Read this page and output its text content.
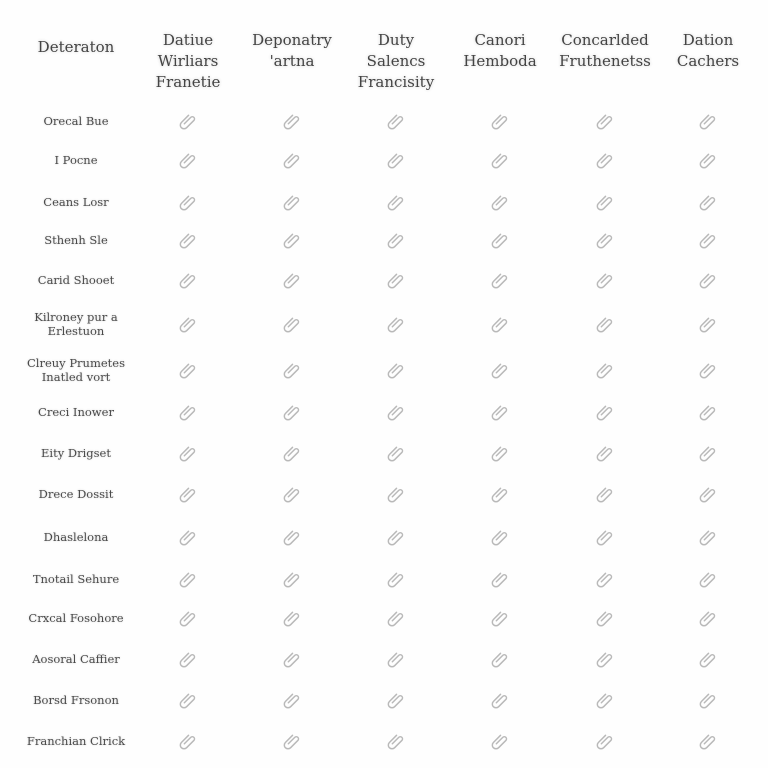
Deteraton	Datiue
Wirliars
Franetie
Deponatry
'artna
Duty
Salencs
Francisity
Canori
Hemboda
Concarlded
Fruthenetss
Dation
Cachers
Orecal Bue
I Pocne
Ceans Losr
Sthenh Sle
Carid Shooet
Kilroney pur a
Erlestuon
Clreuy Prumetes
Inatled vort
Creci Inower
Eity Drigset
Drece Dossit
Dhaslelona
Tnotail Sehure
Crxcal Fosohore
Aosoral Caffier
Borsd Frsonon
Franchian Clrick
